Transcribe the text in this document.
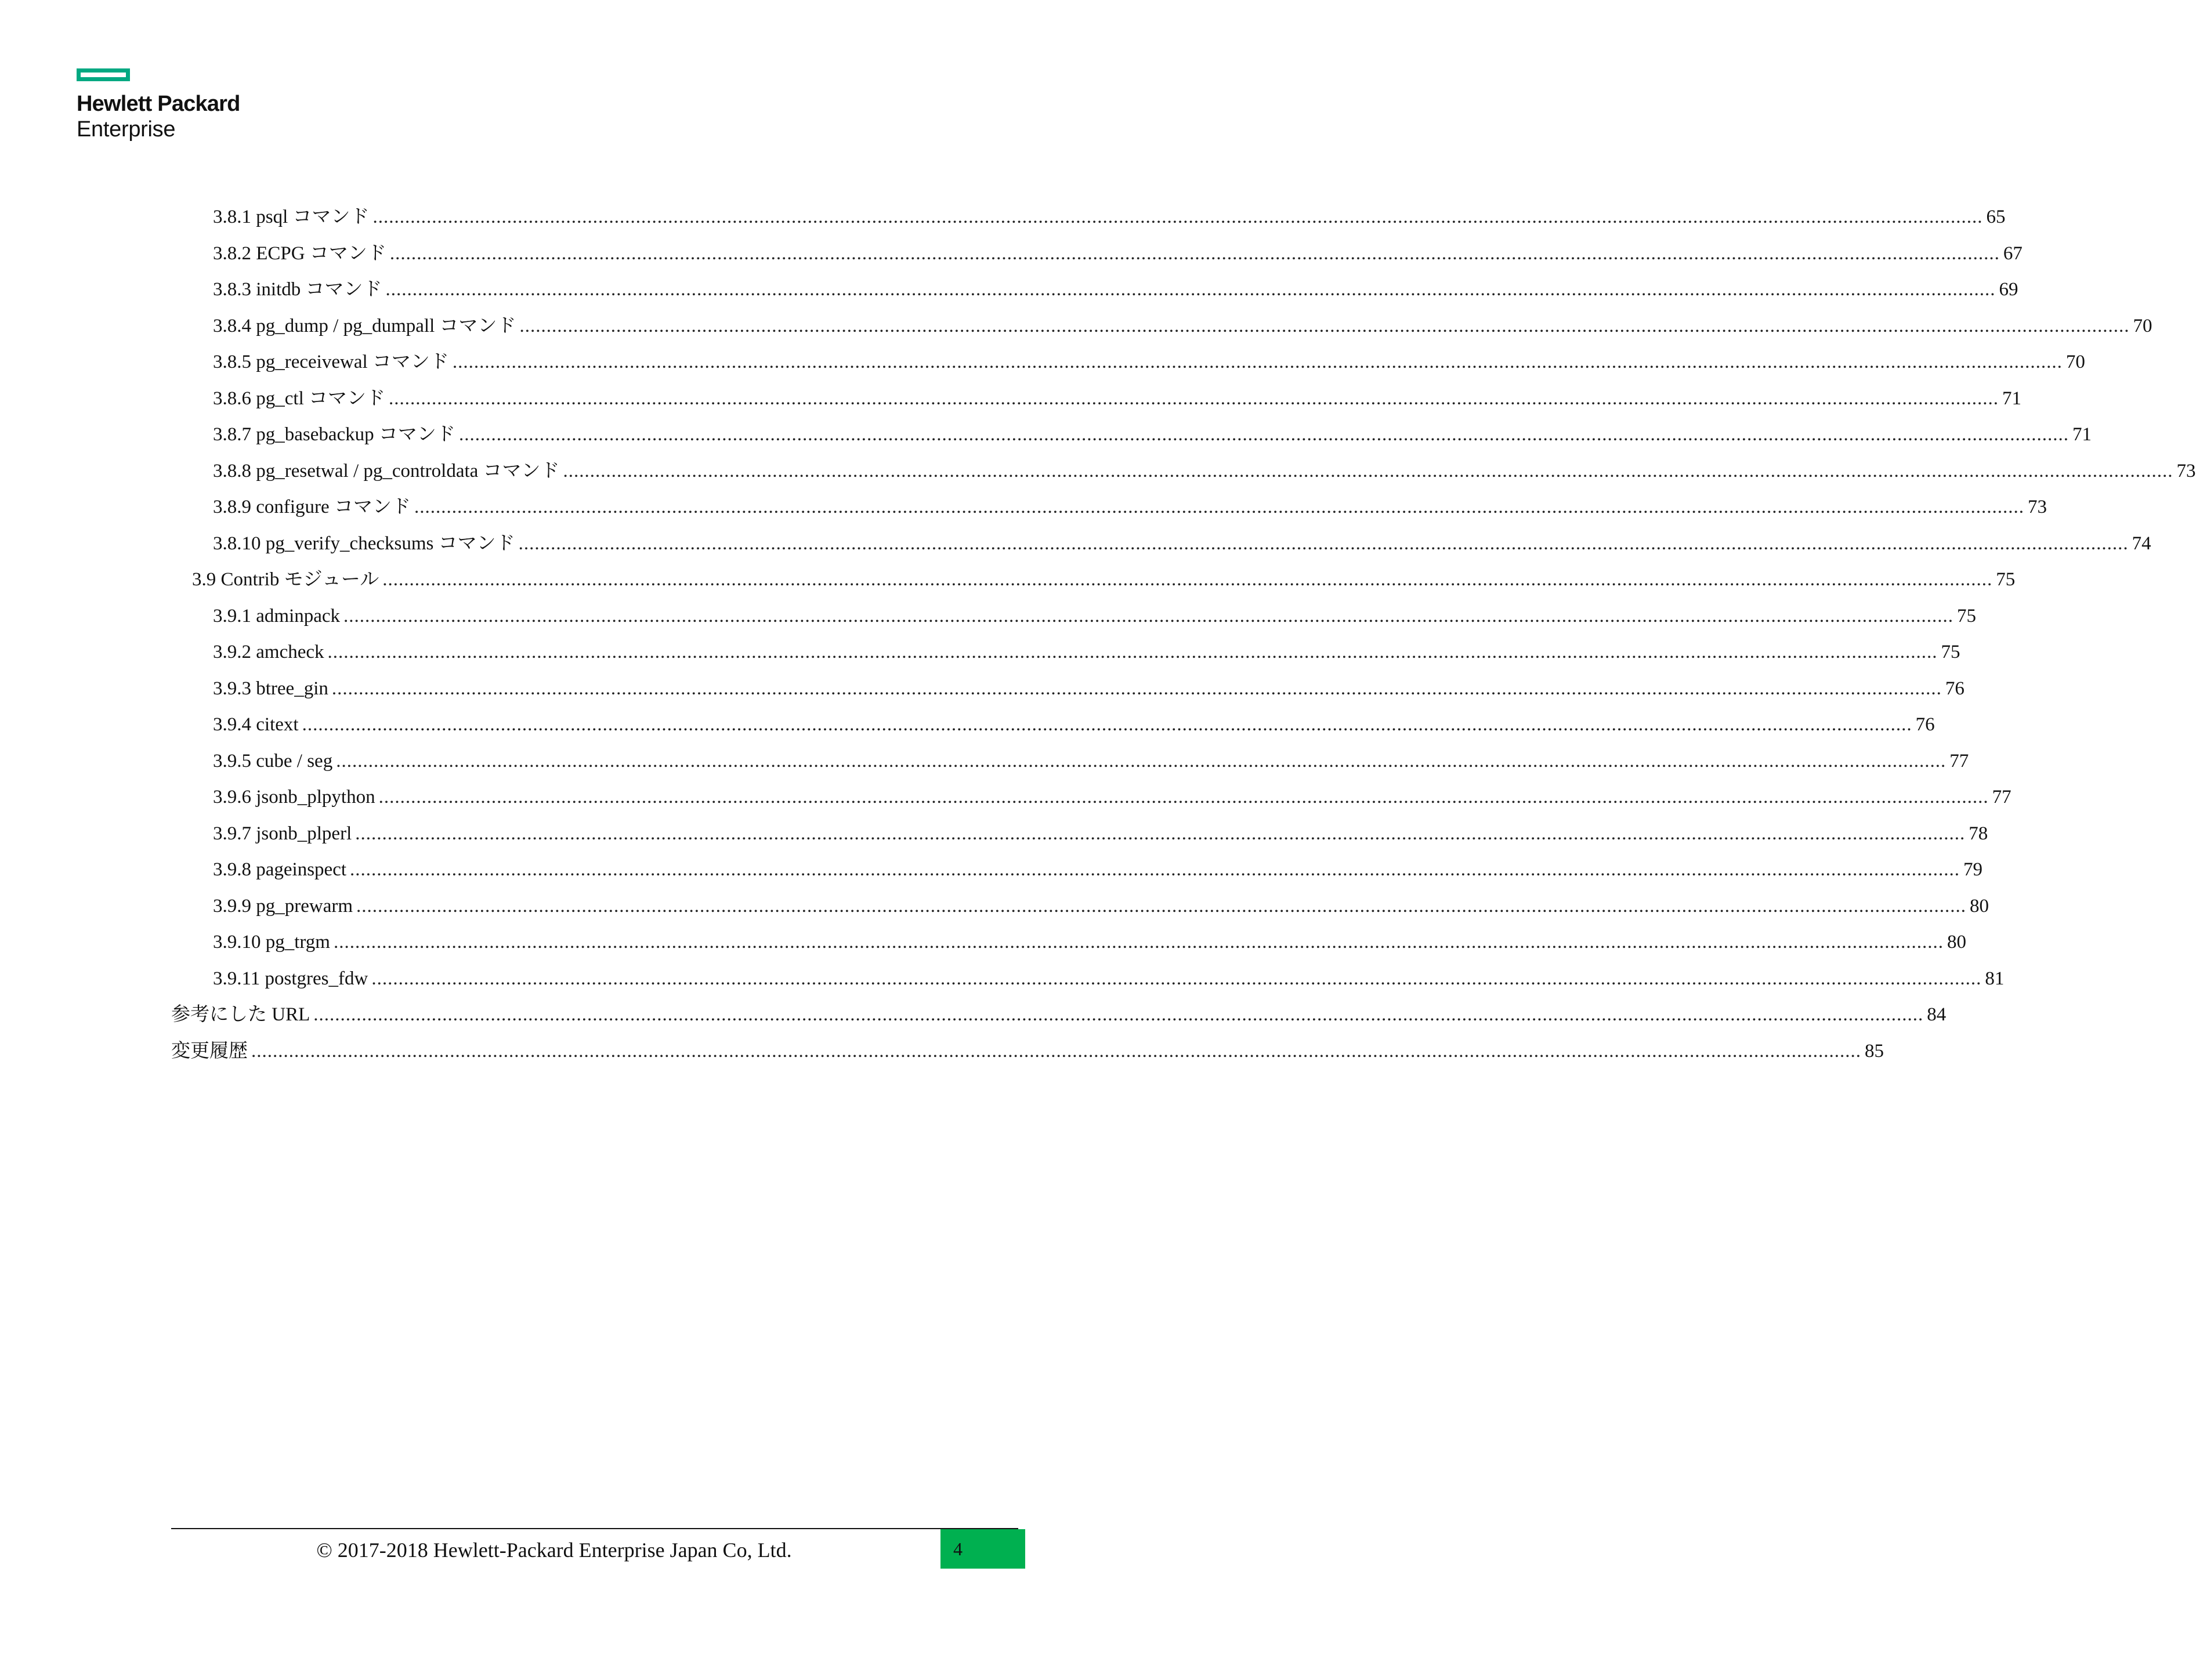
Hewlett Packard
Enterprise
3.8.1 psql コマンド ............................................................................................................................................................................................................................................................................................................ 65
3.8.2 ECPG コマンド ............................................................................................................................................................................................................................................................................................................ 67
3.8.3 initdb コマンド ............................................................................................................................................................................................................................................................................................................ 69
3.8.4 pg_dump / pg_dumpall コマンド ............................................................................................................................................................................................................................................................................................................ 70
3.8.5 pg_receivewal コマンド ............................................................................................................................................................................................................................................................................................................ 70
3.8.6 pg_ctl コマンド ............................................................................................................................................................................................................................................................................................................ 71
3.8.7 pg_basebackup コマンド ............................................................................................................................................................................................................................................................................................................ 71
3.8.8 pg_resetwal / pg_controldata コマンド ............................................................................................................................................................................................................................................................................................................ 73
3.8.9 configure コマンド ............................................................................................................................................................................................................................................................................................................ 73
3.8.10 pg_verify_checksums コマンド ............................................................................................................................................................................................................................................................................................................ 74
3.9 Contrib モジュール ............................................................................................................................................................................................................................................................................................................ 75
3.9.1 adminpack ............................................................................................................................................................................................................................................................................................................ 75
3.9.2 amcheck ............................................................................................................................................................................................................................................................................................................ 75
3.9.3 btree_gin ............................................................................................................................................................................................................................................................................................................ 76
3.9.4 citext ............................................................................................................................................................................................................................................................................................................ 76
3.9.5 cube / seg ............................................................................................................................................................................................................................................................................................................ 77
3.9.6 jsonb_plpython ............................................................................................................................................................................................................................................................................................................ 77
3.9.7 jsonb_plperl ............................................................................................................................................................................................................................................................................................................ 78
3.9.8 pageinspect ............................................................................................................................................................................................................................................................................................................ 79
3.9.9 pg_prewarm ............................................................................................................................................................................................................................................................................................................ 80
3.9.10 pg_trgm ............................................................................................................................................................................................................................................................................................................ 80
3.9.11 postgres_fdw ............................................................................................................................................................................................................................................................................................................ 81
参考にした URL ............................................................................................................................................................................................................................................................................................................ 84
変更履歴 ............................................................................................................................................................................................................................................................................................................ 85
© 2017-2018 Hewlett-Packard Enterprise Japan Co, Ltd.	4
